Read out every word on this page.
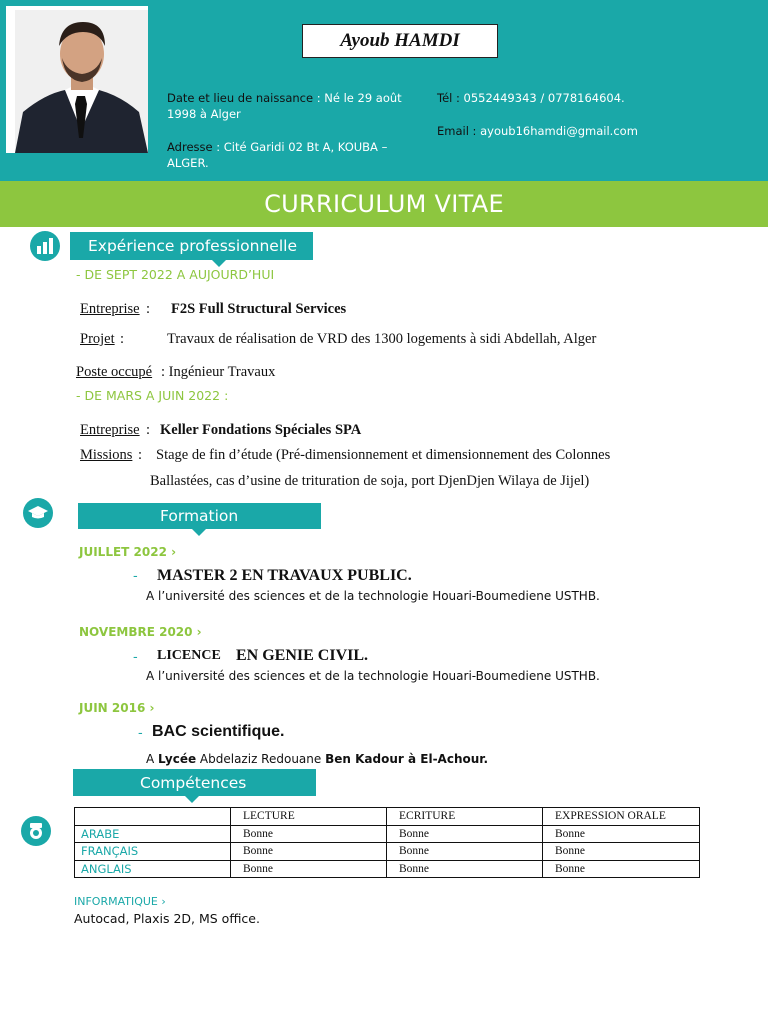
Ayoub HAMDI
Date et lieu de naissance : Né le 29 août
1998 à Alger
Adresse : Cité Garidi 02 Bt A, KOUBA –
ALGER.
Tél : 0552449343 / 0778164604.
Email : ayoub16hamdi@gmail.com
CURRICULUM VITAE
Expérience professionnelle
- DE SEPT 2022 A AUJOURD’HUI
Entreprise : F2S Full Structural Services
Projet :	Travaux de réalisation de VRD des 1300 logements à sidi Abdellah, Alger
Poste occupé : Ingénieur Travaux
- DE MARS A JUIN 2022 :
Entreprise : Keller Fondations Spéciales SPA
Missions : Stage de fin d’étude (Pré-dimensionnement et dimensionnement des Colonnes
Ballastées, cas d’usine de trituration de soja, port DjenDjen Wilaya de Jijel)
Formation
JUILLET 2022 ›
- MASTER 2 EN TRAVAUX PUBLIC.
A l’université des sciences et de la technologie Houari-Boumediene USTHB.
NOVEMBRE 2020 ›
- LICENCE EN GENIE CIVIL.
A l’université des sciences et de la technologie Houari-Boumediene USTHB.
JUIN 2016 ›
- BAC scientifique.
A Lycée Abdelaziz Redouane Ben Kadour à El-Achour.
Compétences
	LECTURE	ECRITURE	EXPRESSION ORALE
ARABE	Bonne	Bonne	Bonne
FRANÇAIS	Bonne	Bonne	Bonne
ANGLAIS	Bonne	Bonne	Bonne
INFORMATIQUE ›
Autocad, Plaxis 2D, MS office.
